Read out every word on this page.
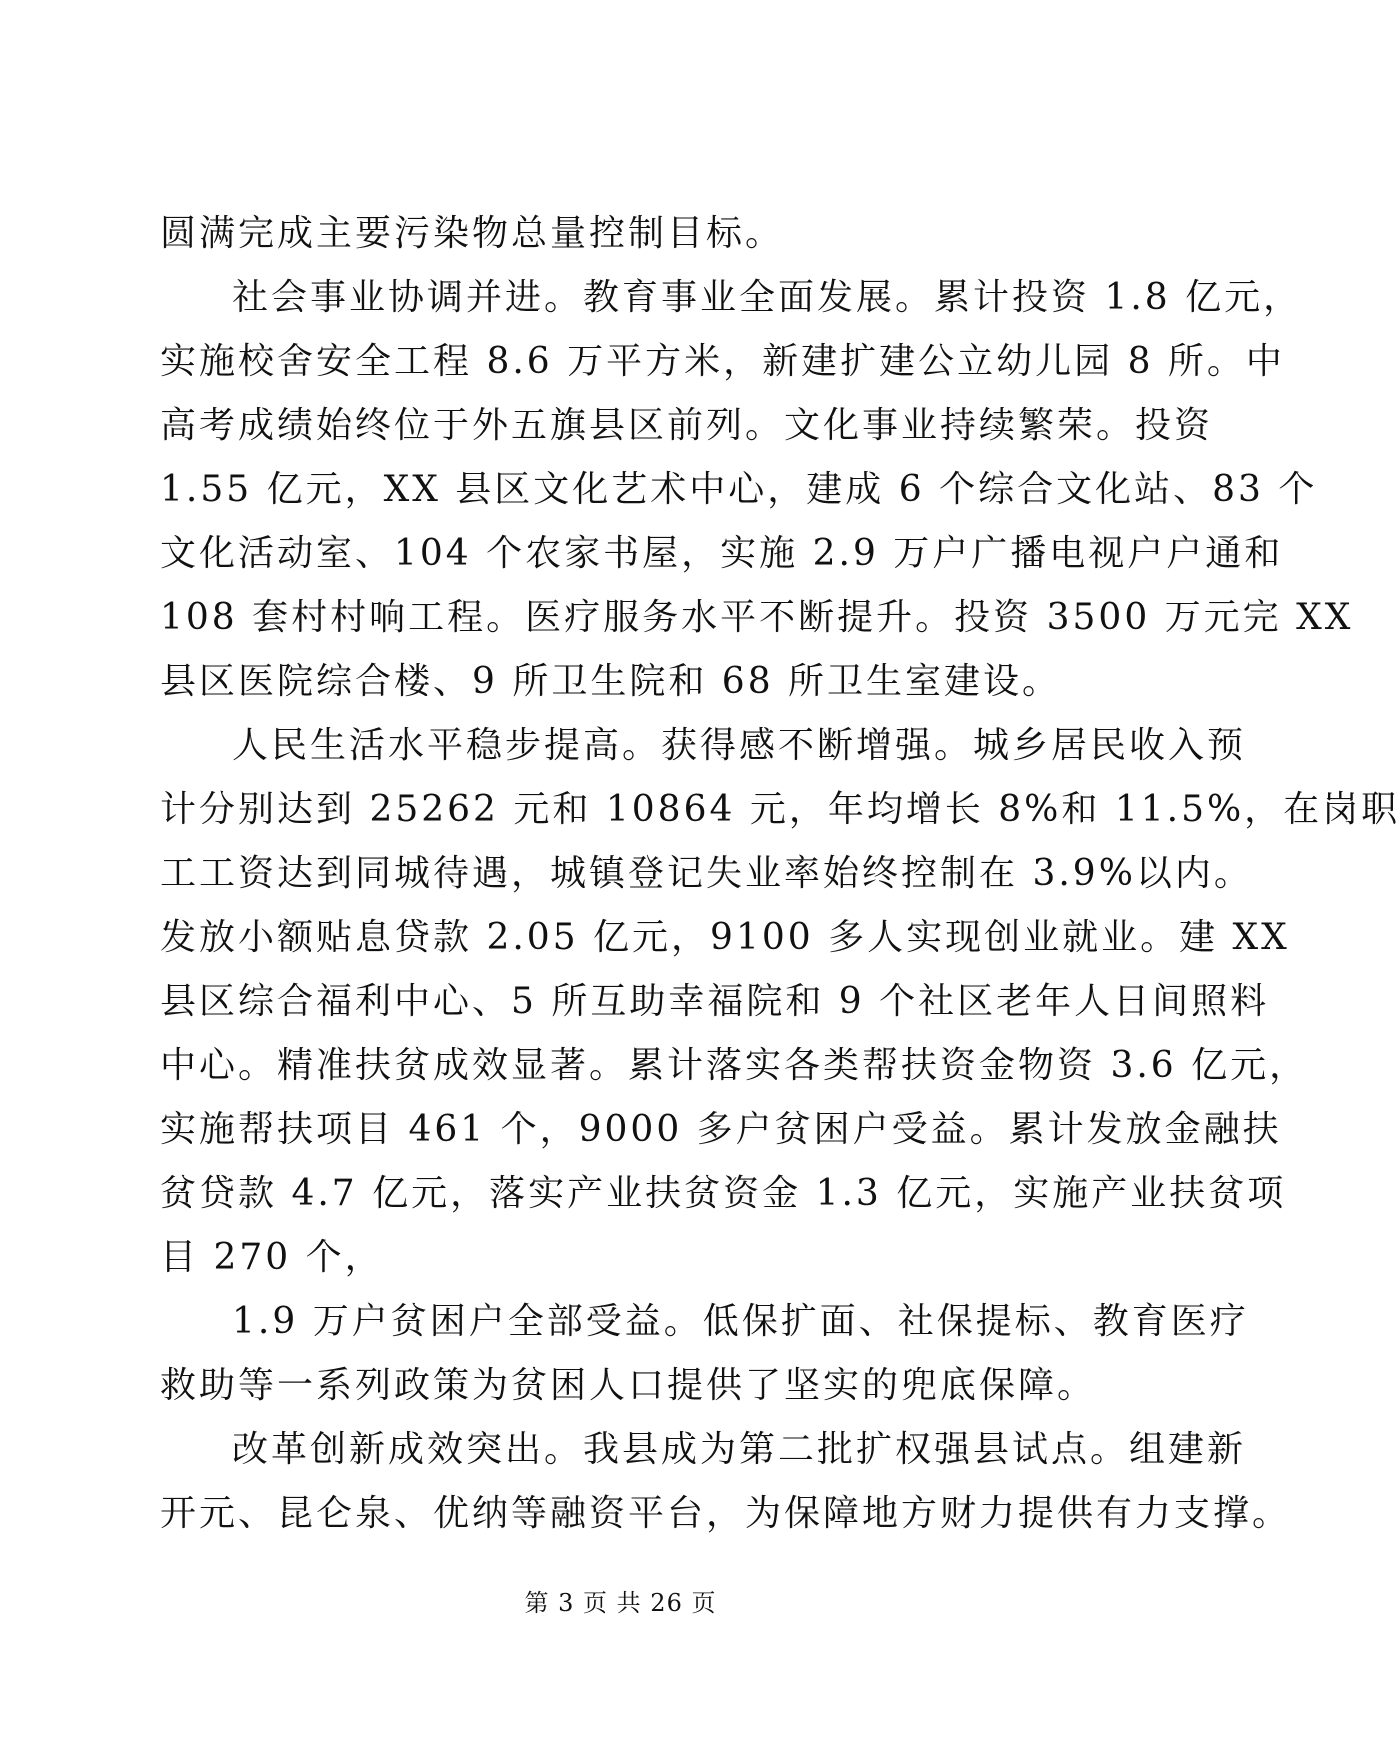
圆满完成主要污染物总量控制目标。
社会事业协调并进。教育事业全面发展。累计投资 1.8 亿元，
实施校舍安全工程 8.6 万平方米，新建扩建公立幼儿园 8 所。中
高考成绩始终位于外五旗县区前列。文化事业持续繁荣。投资
1.55 亿元，XX 县区文化艺术中心，建成 6 个综合文化站、83 个
文化活动室、104 个农家书屋，实施 2.9 万户广播电视户户通和
108 套村村响工程。医疗服务水平不断提升。投资 3500 万元完 XX
县区医院综合楼、9 所卫生院和 68 所卫生室建设。
人民生活水平稳步提高。获得感不断增强。城乡居民收入预
计分别达到 25262 元和 10864 元，年均增长 8%和 11.5%，在岗职
工工资达到同城待遇，城镇登记失业率始终控制在 3.9%以内。
发放小额贴息贷款 2.05 亿元，9100 多人实现创业就业。建 XX
县区综合福利中心、5 所互助幸福院和 9 个社区老年人日间照料
中心。精准扶贫成效显著。累计落实各类帮扶资金物资 3.6 亿元，
实施帮扶项目 461 个，9000 多户贫困户受益。累计发放金融扶
贫贷款 4.7 亿元，落实产业扶贫资金 1.3 亿元，实施产业扶贫项
目 270 个，
1.9 万户贫困户全部受益。低保扩面、社保提标、教育医疗
救助等一系列政策为贫困人口提供了坚实的兜底保障。
改革创新成效突出。我县成为第二批扩权强县试点。组建新
开元、昆仑泉、优纳等融资平台，为保障地方财力提供有力支撑。
第 3 页 共 26 页
